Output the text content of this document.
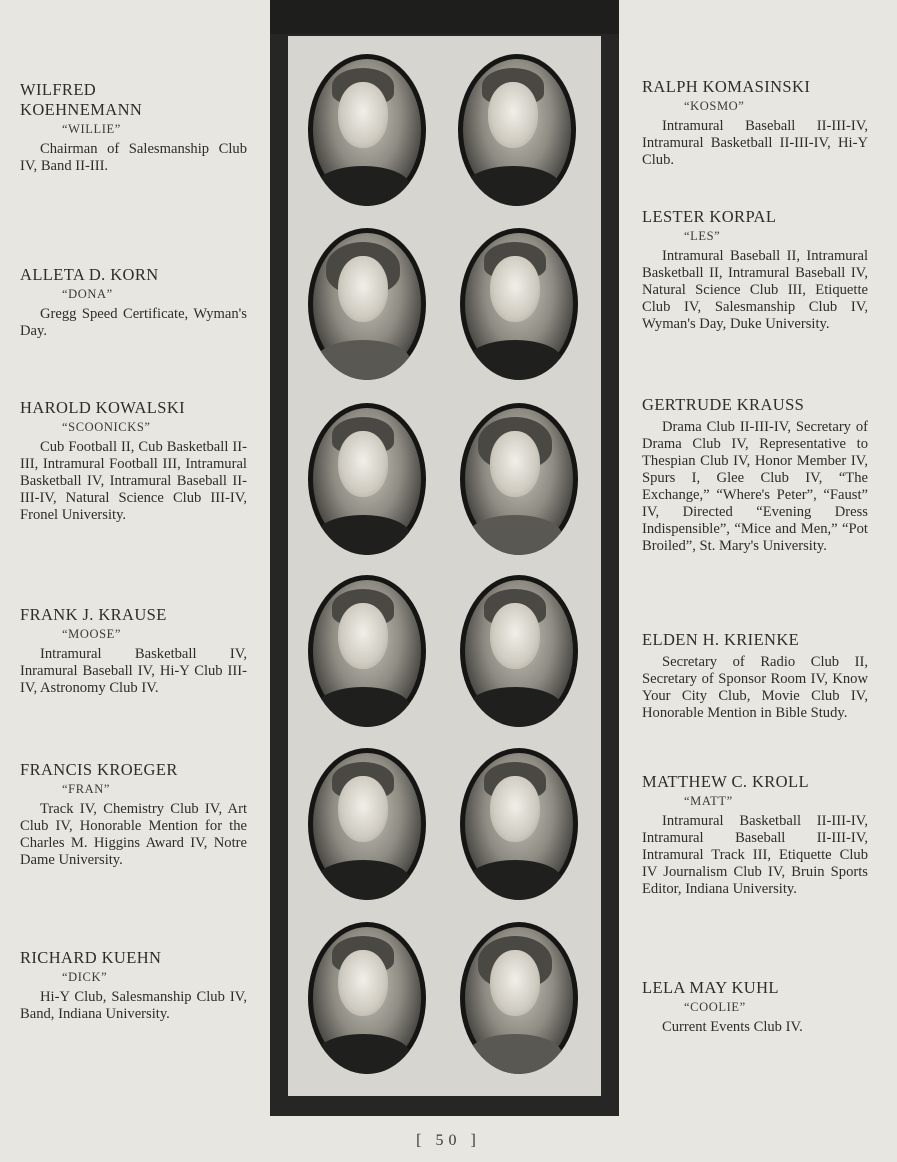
WILFRED
KOEHNEMANN
“WILLIE”
Chairman of Salesmanship Club IV, Band II-III.
ALLETA D. KORN
“DONA”
Gregg Speed Certificate, Wyman's Day.
HAROLD KOWALSKI
“SCOONICKS”
Cub Football II, Cub Basketball II-III, Intramural Football III, Intramural Basketball IV, Intramural Baseball II-III-IV, Natural Science Club III-IV, Fronel University.
FRANK J. KRAUSE
“MOOSE”
Intramural Basketball IV, Inramural Baseball IV, Hi-Y Club III-IV, Astronomy Club IV.
FRANCIS KROEGER
“FRAN”
Track IV, Chemistry Club IV, Art Club IV, Honorable Mention for the Charles M. Higgins Award IV, Notre Dame University.
RICHARD KUEHN
“DICK”
Hi-Y Club, Salesmanship Club IV, Band, Indiana University.
RALPH KOMASINSKI
“KOSMO”
Intramural Baseball II-III-IV, Intramural Basketball II-III-IV, Hi-Y Club.
LESTER KORPAL
“LES”
Intramural Baseball II, Intramural Basketball II, Intramural Baseball IV, Natural Science Club III, Etiquette Club IV, Salesmanship Club IV, Wyman's Day, Duke University.
GERTRUDE KRAUSS
Drama Club II-III-IV, Secretary of Drama Club IV, Representative to Thespian Club IV, Honor Member IV, Spurs I, Glee Club IV, “The Exchange,” “Where's Peter”, “Faust” IV, Directed “Evening Dress Indispensible”, “Mice and Men,” “Pot Broiled”, St. Mary's University.
ELDEN H. KRIENKE
Secretary of Radio Club II, Secretary of Sponsor Room IV, Know Your City Club, Movie Club IV, Honorable Mention in Bible Study.
MATTHEW C. KROLL
“MATT”
Intramural Basketball II-III-IV, Intramural Baseball II-III-IV, Intramural Track III, Etiquette Club IV Journalism Club IV, Bruin Sports Editor, Indiana University.
LELA MAY KUHL
“COOLIE”
Current Events Club IV.
[ 50 ]
